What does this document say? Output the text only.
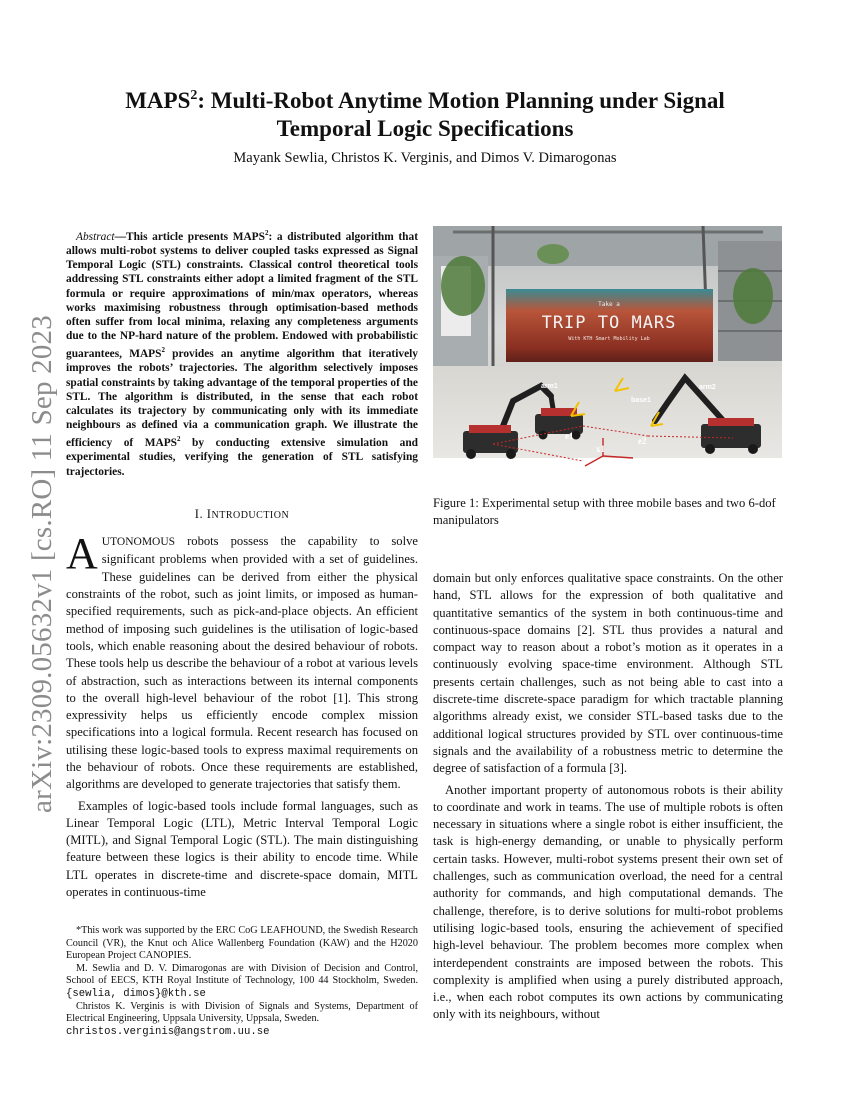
arXiv:2309.05632v1 [cs.RO] 11 Sep 2023
MAPS$^2$: Multi-Robot Anytime Motion Planning under Signal
Temporal Logic Specifications
Mayank Sewlia, Christos K. Verginis, and Dimos V. Dimarogonas

Abstract—This article presents MAPS$^2$: a distributed algorithm that allows multi-robot systems to deliver coupled tasks expressed as Signal Temporal Logic (STL) constraints. Classical control theoretical tools addressing STL constraints either adopt a limited fragment of the STL formula or require approximations of min/max operators, whereas works maximising robustness through optimisation-based methods often suffer from local minima, relaxing any completeness arguments due to the NP-hard nature of the problem. Endowed with probabilistic guarantees, MAPS$^2$ provides an anytime algorithm that iteratively improves the robots’ trajectories. The algorithm selectively imposes spatial constraints by taking advantage of the temporal properties of the STL. The algorithm is distributed, in the sense that each robot calculates its trajectory by communicating only with its immediate neighbours as defined via a communication graph. We illustrate the efficiency of MAPS$^2$ by conducting extensive simulation and experimental studies, verifying the generation of STL satisfying trajectories.

I. INTRODUCTION

AUTONOMOUS robots possess the capability to solve significant problems when provided with a set of guidelines. These guidelines can be derived from either the physical constraints of the robot, such as joint limits, or imposed as human-specified requirements, such as pick-and-place objects. An efficient method of imposing such guidelines is the utilisation of logic-based tools, which enable reasoning about the desired behaviour of robots. These tools help us describe the behaviour of a robot at various levels of abstraction, such as interactions between its internal components to the overall high-level behaviour of the robot [1]. This strong expressivity helps us efficiently encode complex mission specifications into a logical formula. Recent research has focused on utilising these logic-based tools to express maximal requirements on the behaviour of robots. Once these requirements are established, algorithms are developed to generate trajectories that satisfy them.

Examples of logic-based tools include formal languages, such as Linear Temporal Logic (LTL), Metric Interval Temporal Logic (MITL), and Signal Temporal Logic (STL). The main distinguishing feature between these logics is their ability to encode time. While LTL operates in discrete-time and discrete-space domain, MITL operates in continuous-time

*This work was supported by the ERC CoG LEAFHOUND, the Swedish Research Council (VR), the Knut och Alice Wallenberg Foundation (KAW) and the H2020 European Project CANOPIES.

M. Sewlia and D. V. Dimarogonas are with Division of Decision and Control, School of EECS, KTH Royal Institute of Technology, 100 44 Stockholm, Sweden. {sewlia, dimos}@kth.se

Christos K. Verginis is with Division of Signals and Systems, Department of Electrical Engineering, Uppsala University, Uppsala, Sweden.
christos.verginis@angstrom.uu.se

Take a
TRIP TO MARS
With KTH Smart Mobility Lab
arm1	arm2
base1
base2	base1
e1	e2
x1
x2
x3
Figure 1: Experimental setup with three mobile bases and two 6-dof manipulators

domain but only enforces qualitative space constraints. On the other hand, STL allows for the expression of both qualitative and quantitative semantics of the system in both continuous-time and continuous-space domains [2]. STL thus provides a natural and compact way to reason about a robot’s motion as it operates in a continuously evolving space-time environment. Although STL presents certain challenges, such as not being able to cast into a discrete-time discrete-space paradigm for which tractable planning algorithms already exist, we consider STL-based tasks due to the additional logical structures provided by STL over continuous-time signals and the availability of a robustness metric to determine the degree of satisfaction of a formula [3].

Another important property of autonomous robots is their ability to coordinate and work in teams. The use of multiple robots is often necessary in situations where a single robot is either insufficient, the task is high-energy demanding, or unable to physically perform certain tasks. However, multi-robot systems present their own set of challenges, such as communication overload, the need for a central authority for commands, and high computational demands. The challenge, therefore, is to derive solutions for multi-robot problems utilising logic-based tools, ensuring the achievement of specified high-level behaviour. The problem becomes more complex when interdependent constraints are imposed between the robots. This complexity is amplified when using a purely distributed approach, i.e., when each robot computes its own actions by communicating only with its neighbours, without
